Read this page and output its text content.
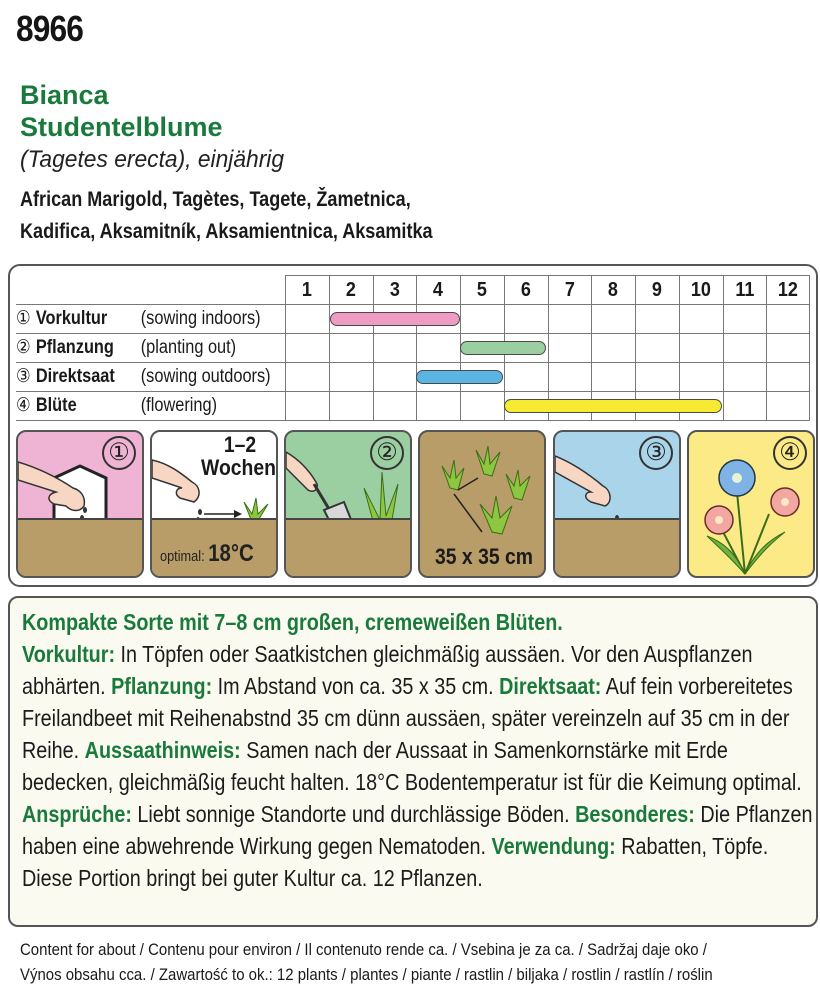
8966
Bianca
Studentelblume
(Tagetes erecta), einjährig
African Marigold, Tagètes, Tagete, Žametnica,
Kadifica, Aksamitník, Aksamientnica, Aksamitka
① Vorkultur (sowing indoors)
② Pflanzung (planting out)
③ Direktsaat (sowing outdoors)
④ Blüte	(flowering)
1	2	3	4	5	6	7	8	9	10	11	12
①	1–2
Wochen
optimal: 18°C
②
35 x 35 cm
③	④

Kompakte Sorte mit 7–8 cm großen, cremeweißen Blüten.
Vorkultur: In Töpfen oder Saatkistchen gleichmäßig aussäen. Vor den Auspflanzen abhärten. Pflanzung: Im Abstand von ca. 35 x 35 cm. Direktsaat: Auf fein vorbereitetes Freilandbeet mit Reihenabstnd 35 cm dünn aussäen, später vereinzeln auf 35 cm in der Reihe. Aussaathinweis: Samen nach der Aussaat in Samenkornstärke mit Erde bedecken, gleichmäßig feucht halten. 18°C Bodentemperatur ist für die Keimung optimal. Ansprüche: Liebt sonnige Standorte und durchlässige Böden. Besonderes: Die Pflanzen haben eine abwehrende Wirkung gegen Nematoden. Verwendung: Rabatten, Töpfe. Diese Portion bringt bei guter Kultur ca. 12 Pflanzen.

Content for about / Contenu pour environ / Il contenuto rende ca. / Vsebina je za ca. / Sadržaj daje oko /
Výnos obsahu cca. / Zawartość to ok.: 12 plants / plantes / piante / rastlin / biljaka / rostlin / rastlín / roślin
